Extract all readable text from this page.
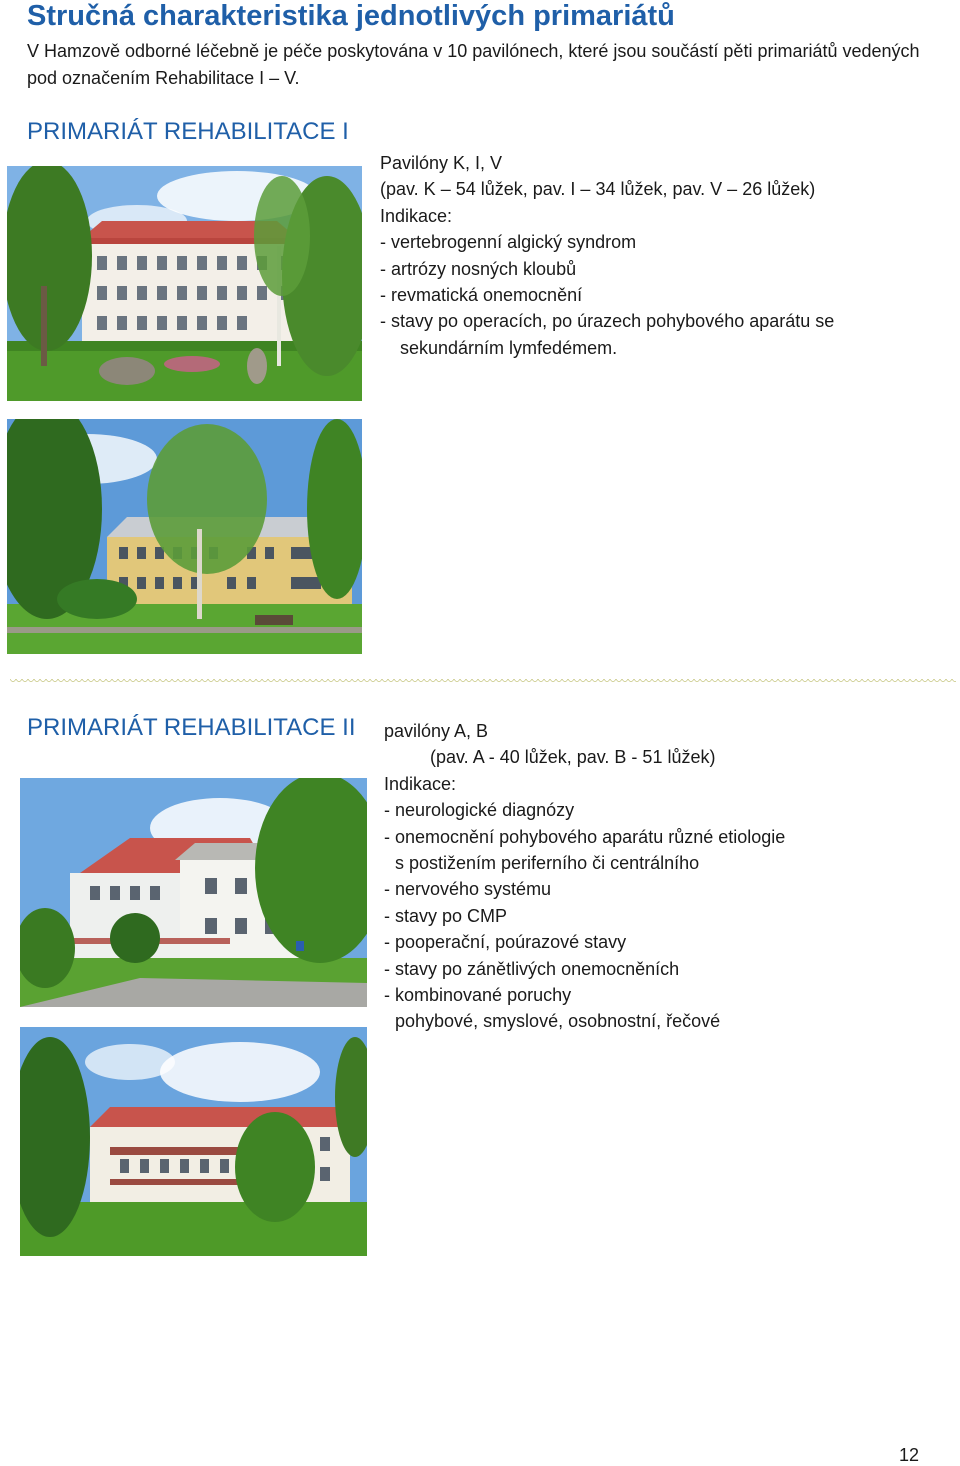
Stručná charakteristika jednotlivých primariátů
V Hamzově odborné léčebně je péče poskytována v 10 pavilónech, které jsou součástí pěti primariátů vedených pod označením Rehabilitace I – V.
PRIMARIÁT REHABILITACE I
Pavilóny K, I, V
(pav. K – 54 lůžek, pav. I – 34 lůžek, pav. V – 26 lůžek)
Indikace:
- vertebrogenní algický syndrom
- artrózy nosných kloubů
- revmatická onemocnění
- stavy po operacích, po úrazech pohybového aparátu se
sekundárním lymfedémem.
PRIMARIÁT REHABILITACE II pavilóny A, B
(pav. A - 40 lůžek, pav. B - 51 lůžek)
Indikace:
- neurologické diagnózy
- onemocnění pohybového aparátu různé etiologie
s postižením periferního či centrálního
- nervového systému
- stavy po CMP
- pooperační, poúrazové stavy
- stavy po zánětlivých onemocněních
- kombinované poruchy
pohybové, smyslové, osobnostní, řečové
12
